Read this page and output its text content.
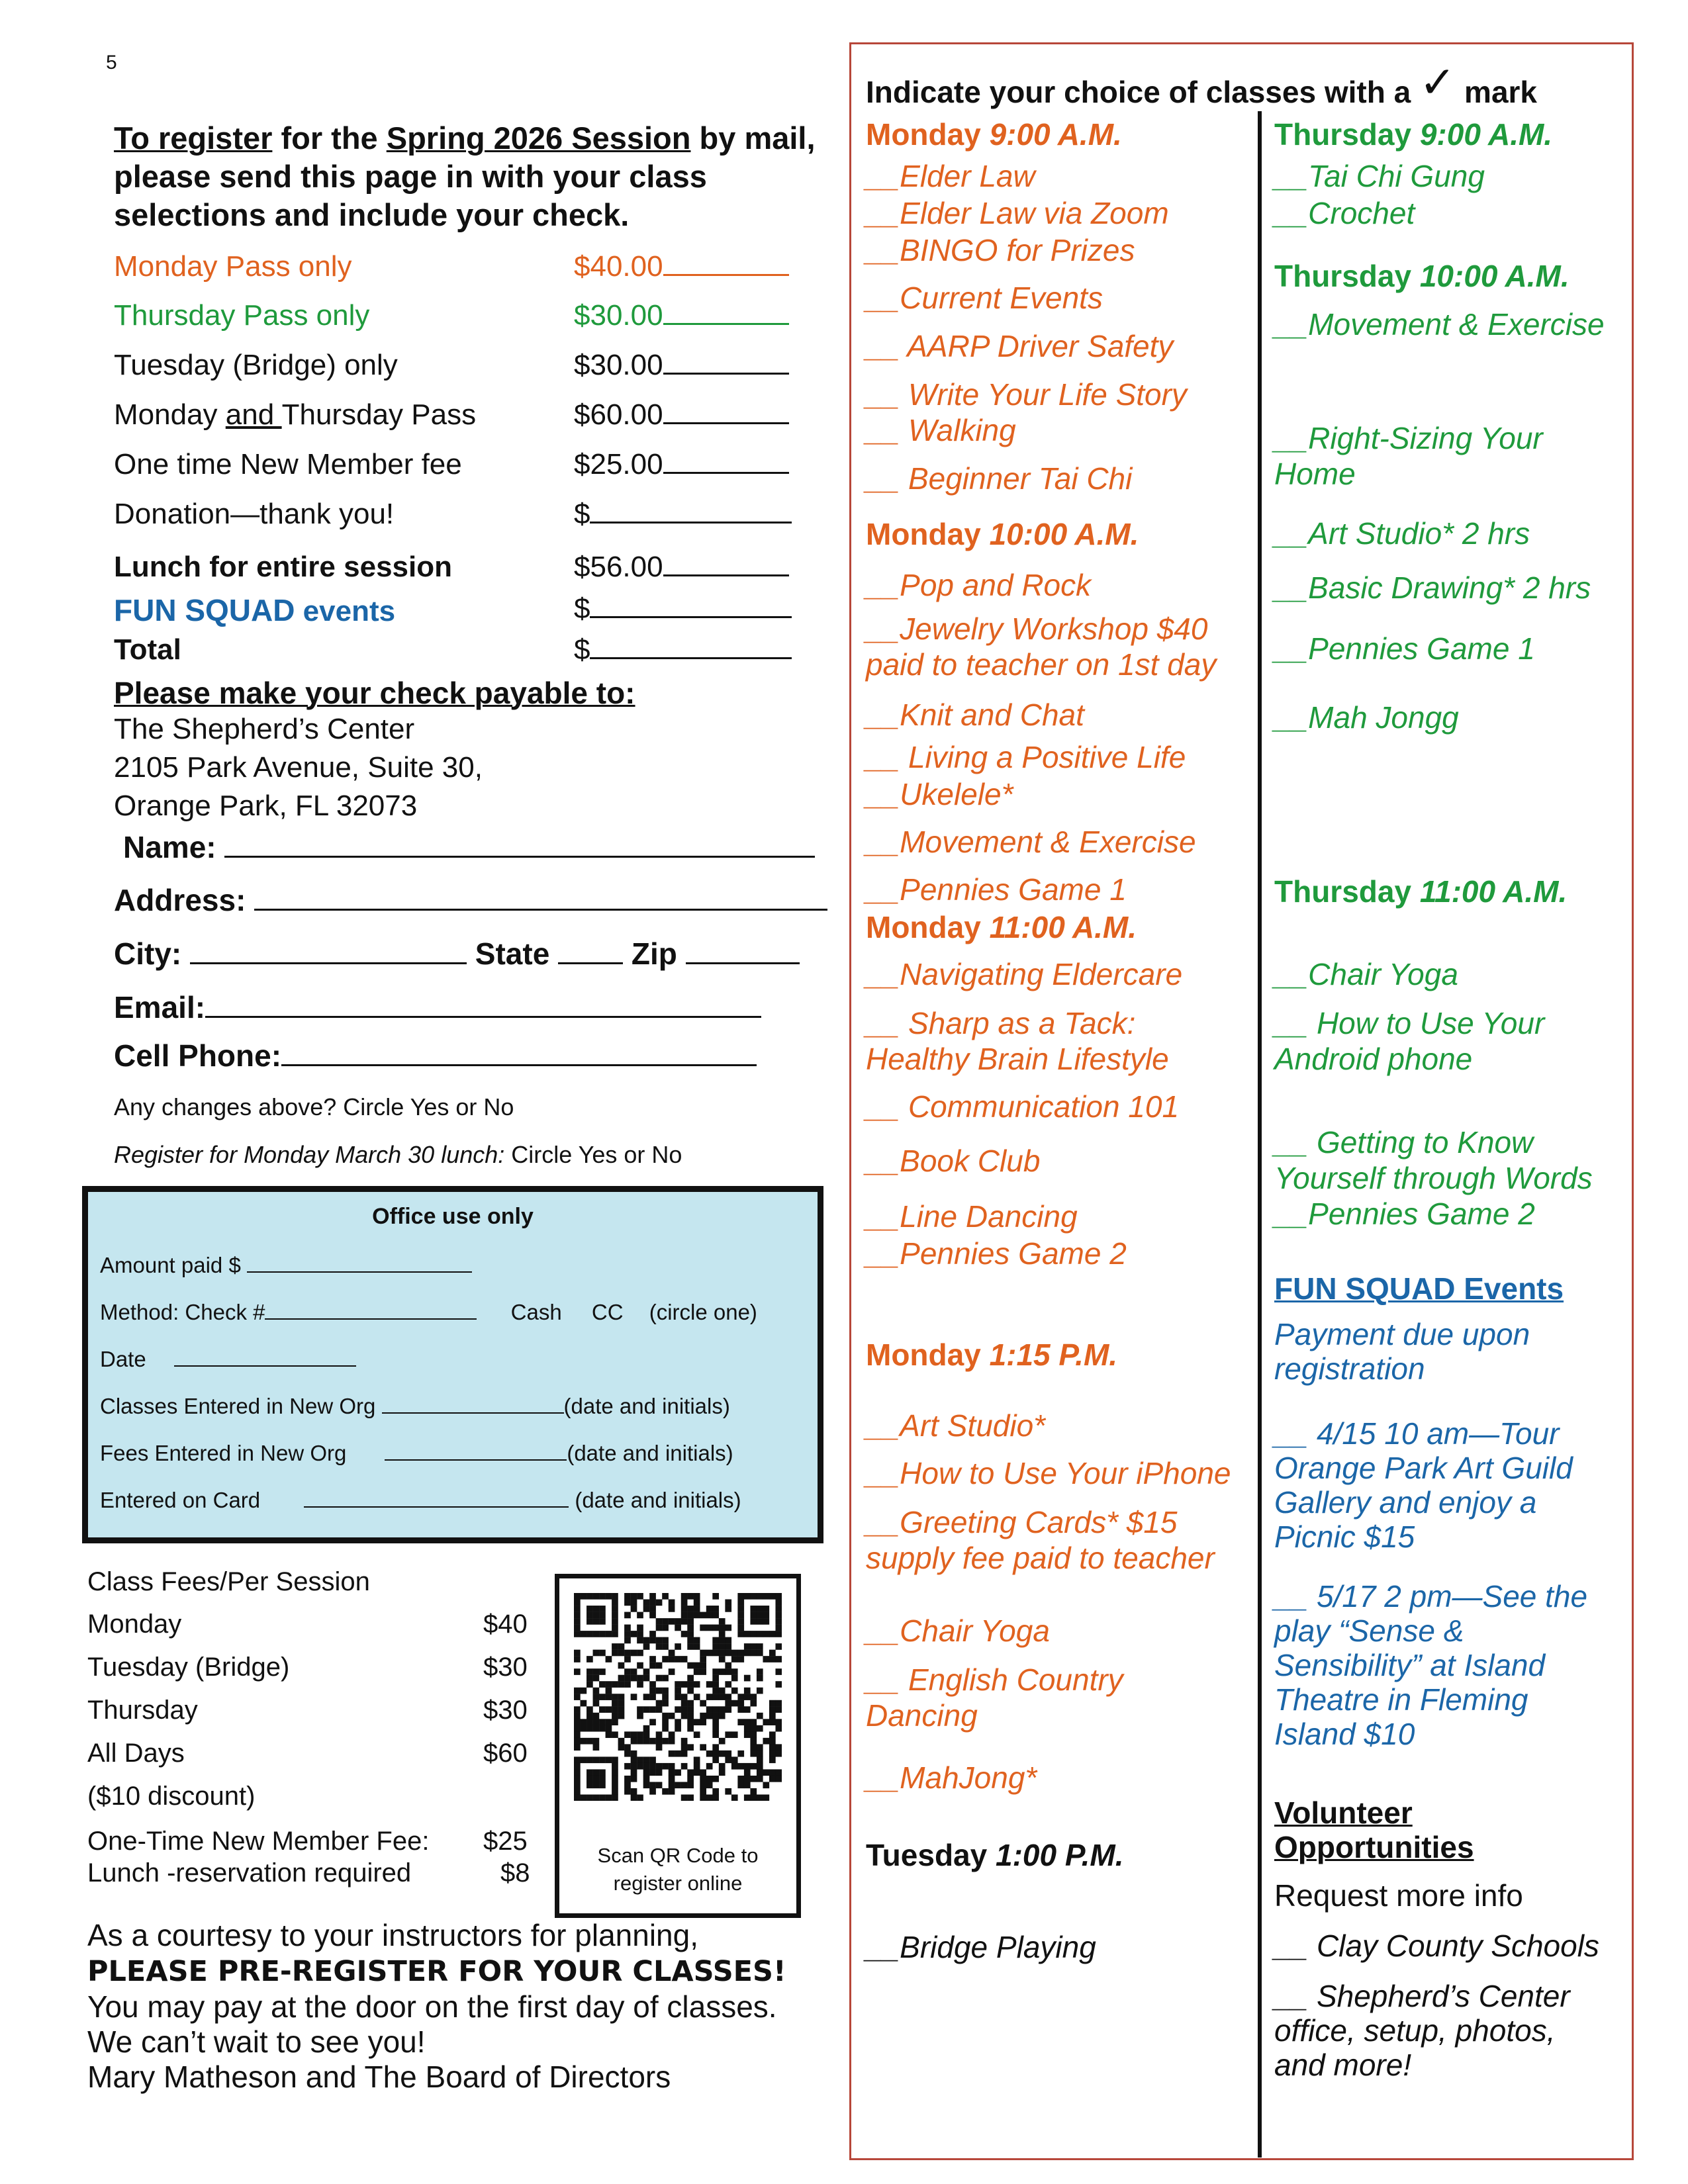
5
To register for the Spring 2026 Session by mail, please send this page in with your class selections and include your check.
Monday Pass only	$40.00
Thursday Pass only	$30.00
Tuesday (Bridge) only	$30.00
Monday and Thursday Pass	$60.00
One time New Member fee	$25.00
Donation—thank you!	$
Lunch for entire session	$56.00
FUN SQUAD events	$
Total	$
Please make your check payable to:
The Shepherd’s Center
2105 Park Avenue, Suite 30,
Orange Park, FL 32073
Name:
Address:
City:	State	Zip
Email:
Cell Phone:
Any changes above? Circle Yes or No
Register for Monday March 30 lunch: Circle Yes or No
Office use only
Amount paid $
Method: Check #	Cash CC (circle one)
Date
Classes Entered in New Org	(date and initials)
Fees Entered in New Org	(date and initials)
Entered on Card	(date and initials)
Class Fees/Per Session
Monday	$40
Tuesday (Bridge)	$30
Thursday	$30
All Days	$60
($10 discount)
One-Time New Member Fee: $25
Lunch -reservation required	$8
Scan QR Code to
register online
As a courtesy to your instructors for planning,
PLEASE PRE-REGISTER FOR YOUR CLASSES! You may pay at the door on the first day of classes.
We can’t wait to see you!
Mary Matheson and The Board of Directors
Indicate your choice of classes with a ✓ mark
Monday 9:00 A.M.
__Elder Law
__Elder Law via Zoom
__BINGO for Prizes
__Current Events
__ AARP Driver Safety
__ Write Your Life Story
__ Walking
__ Beginner Tai Chi
Monday 10:00 A.M.
__Pop and Rock
__Jewelry Workshop $40
paid to teacher on 1st day
__Knit and Chat
__ Living a Positive Life
__Ukelele*
__Movement & Exercise
__Pennies Game 1
Monday 11:00 A.M.
__Navigating Eldercare
__ Sharp as a Tack:
Healthy Brain Lifestyle
__ Communication 101
__Book Club
__Line Dancing
__Pennies Game 2
Monday 1:15 P.M.
__Art Studio*
__How to Use Your iPhone
__Greeting Cards* $15
supply fee paid to teacher
__Chair Yoga
__ English Country
Dancing
__MahJong*
Tuesday 1:00 P.M.
__Bridge Playing
Thursday 9:00 A.M.
__Tai Chi Gung
__Crochet
Thursday 10:00 A.M.
__Movement & Exercise
__Right-Sizing Your
Home
__Art Studio* 2 hrs
__Basic Drawing* 2 hrs
__Pennies Game 1
__Mah Jongg
Thursday 11:00 A.M.
__Chair Yoga
__ How to Use Your
Android phone
__ Getting to Know
Yourself through Words
__Pennies Game 2
FUN SQUAD Events
Payment due upon
registration
__ 4/15 10 am—Tour
Orange Park Art Guild
Gallery and enjoy a
Picnic $15
__ 5/17 2 pm—See the
play “Sense &
Sensibility” at Island
Theatre in Fleming
Island $10
Volunteer
Opportunities
Request more info
__ Clay County Schools
__ Shepherd’s Center
office, setup, photos,
and more!
